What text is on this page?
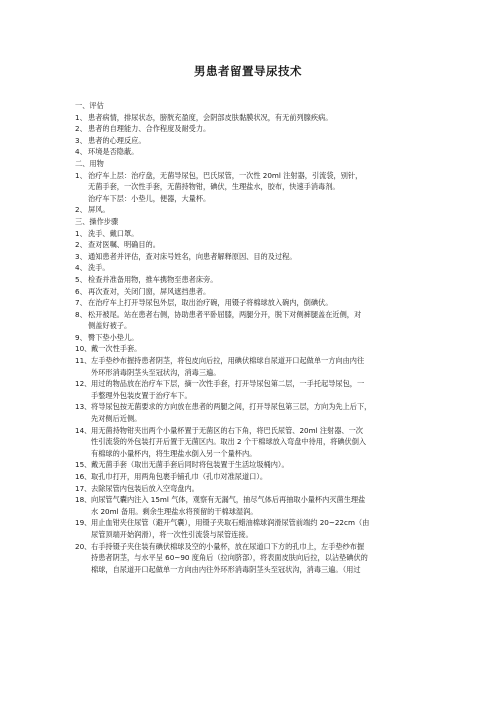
男患者留置导尿技术
一、评估
1、患者病情，排尿状态，膀胱充盈度，会阴部皮肤黏膜状况，有无前列腺疾病。
2、患者的自理能力、合作程度及耐受力。
3、患者的心理反应。
4、环境是否隐蔽。
二、用物
1、治疗车上层：治疗盘，无菌导尿包，巴氏尿管，一次性 20ml 注射器，引流袋，别针，
无菌手套，一次性手套，无菌持物钳，碘伏，生理盐水，胶布，快速手消毒剂。
治疗车下层：小垫儿，便器，大量杯。
2、屏风。
三、操作步骤
1、洗手、戴口罩。
2、查对医嘱、明确目的。
3、通知患者并评估，查对床号姓名，向患者解释原因、目的及过程。
4、洗手。
5、检查并准备用物，推车携物至患者床旁。
6、再次查对，关闭门窗，屏风遮挡患者。
7、在治疗车上打开导尿包外层，取出治疗碗，用镊子将棉球放入碗内，倒碘伏。
8、松开被尾。站在患者右侧，协助患者平卧屈膝，两腿分开，脱下对侧裤腿盖在近侧，对
侧盖好被子。
9、臀下垫小垫儿。
10、戴一次性手套。
11、左手垫纱布握持患者阴茎，将包皮向后拉，用碘伏棉球自尿道开口起做单一方向由内往
外环形消毒阴茎头至冠状沟，消毒三遍。
12、用过的物品放在治疗车下层，摘一次性手套，打开导尿包第二层，一手托起导尿包，一
手整理外包装皮置于治疗车下。
13、将导尿包按无菌要求的方向放在患者的两腿之间，打开导尿包第三层，方向为先上后下，
先对侧后近侧。
14、用无菌持物钳夹出两个小量杯置于无菌区的右下角，将巴氏尿管、20ml 注射器、一次
性引流袋的外包装打开后置于无菌区内。取出 2 个干棉球放入弯盘中待用，将碘伏倒入
有棉球的小量杯内，将生理盐水倒入另一个量杯内。
15、戴无菌手套（取出无菌手套后同时将包装置于生活垃圾桶内）。
16、取孔巾打开，用两角包裹手铺孔巾（孔巾对准尿道口）。
17、去除尿管内包装后放入空弯盘内。
18、向尿管气囊内注入 15ml 气体，观察有无漏气，抽尽气体后再抽取小量杯内灭菌生理盐
水 20ml 备用。剩余生理盐水将预留的干棉球湿润。
19、用止血钳夹住尿管（避开气囊），用镊子夹取石蜡油棉球润滑尿管前端约 20~22cm（由
尿管顶端开始润滑），将一次性引流袋与尿管连接。
20、右手持镊子夹住装有碘伏棉球及空的小量杯，放在尿道口下方的孔巾上，左手垫纱布握
持患者阴茎，与水平呈 60~90 度角后（拉向脐部），将表面皮肤向后拉，以沾垫碘伏的
棉球，自尿道开口起做单一方向由内往外环形消毒阴茎头至冠状沟，消毒三遍。（用过
